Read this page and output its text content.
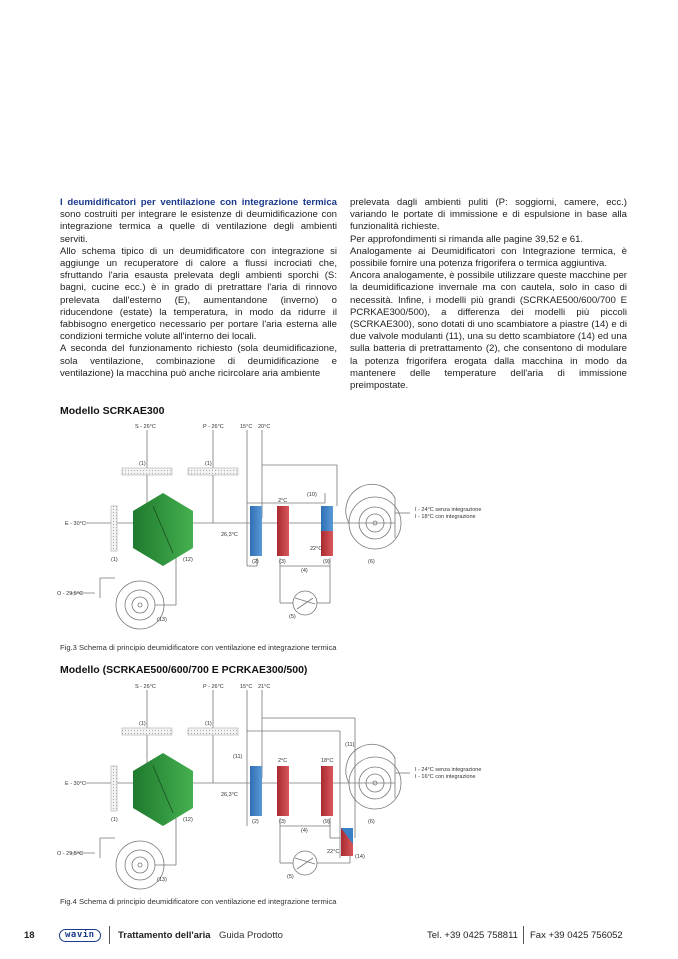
I deumidificatori per ventilazione con integrazione termica sono costruiti per integrare le esistenze di deumidificazione con integrazione termica a quelle di ventilazione degli ambienti serviti.

Allo schema tipico di un deumidificatore con integrazione si aggiunge un recuperatore di calore a flussi incrociati che, sfruttando l'aria esausta prelevata degli ambienti sporchi (S: bagni, cucine ecc.) è in grado di pretrattare l'aria di rinnovo prelevata dall'esterno (E), aumentandone (inverno) o riducendone (estate) la temperatura, in modo da ridurre il fabbisogno energetico necessario per portare l'aria esterna alle condizioni termiche volute all'interno dei locali.

A seconda del funzionamento richiesto (sola deumidificazione, sola ventilazione, combinazione di deumidificazione e ventilazione) la macchina può anche ricircolare aria ambiente

prelevata dagli ambienti puliti (P: soggiorni, camere, ecc.) variando le portate di immissione e di espulsione in base alla funzionalità richieste.

Per approfondimenti si rimanda alle pagine 39,52 e 61.

Analogamente ai Deumidificatori con Integrazione termica, è possibile fornire una potenza frigorifera o termica aggiuntiva.

Ancora analogamente, è possibile utilizzare queste macchine per la deumidificazione invernale ma con cautela, solo in caso di necessità. Infine, i modelli più grandi (SCRKAE500/600/700 E PCRKAE300/500), a differenza dei modelli più piccoli (SCRKAE300), sono dotati di uno scambiatore a piastre (14) e di due valvole modulanti (11), una su detto scambiatore (14) ed una sulla batteria di pretrattamento (2), che consentono di modulare la potenza frigorifera erogata dalla macchina in modo da mantenere delle temperature dell'aria di immissione preimpostate.

Modello SCRKAE300
S - 26°C	P - 26°C	15°C 20°C
(1)	(1)
(1)
E - 30°C
26,3°C
2°C
22°C
(10)
I - 24°C senza integrazione
I - 18°C con integrazione
O - 29,5°C
(2)	(3)
(4)
(5)
(6)
(9)
(12)
(13)
Fig.3 Schema di principio deumidificatore con ventilazione ed integrazione termica
Modello (SCRKAE500/600/700 E PCRKAE300/500)
S - 26°C	P - 26°C	15°C 21°C
(1)	(1)
(1)
E - 30°C
26,3°C
2°C	18°C
22°C
(11)
(11)
I - 24°C senza integrazione
I - 16°C con integrazione
O - 29,5°C
(2)	(3)
(4)
(5)
(6)
(9)
(12)
(13)
(14)
Fig.4 Schema di principio deumidificatore con ventilazione ed integrazione termica
18	wavin	Trattamento dell'aria Guida Prodotto	Tel. +39 0425 758811 Fax +39 0425 756052
